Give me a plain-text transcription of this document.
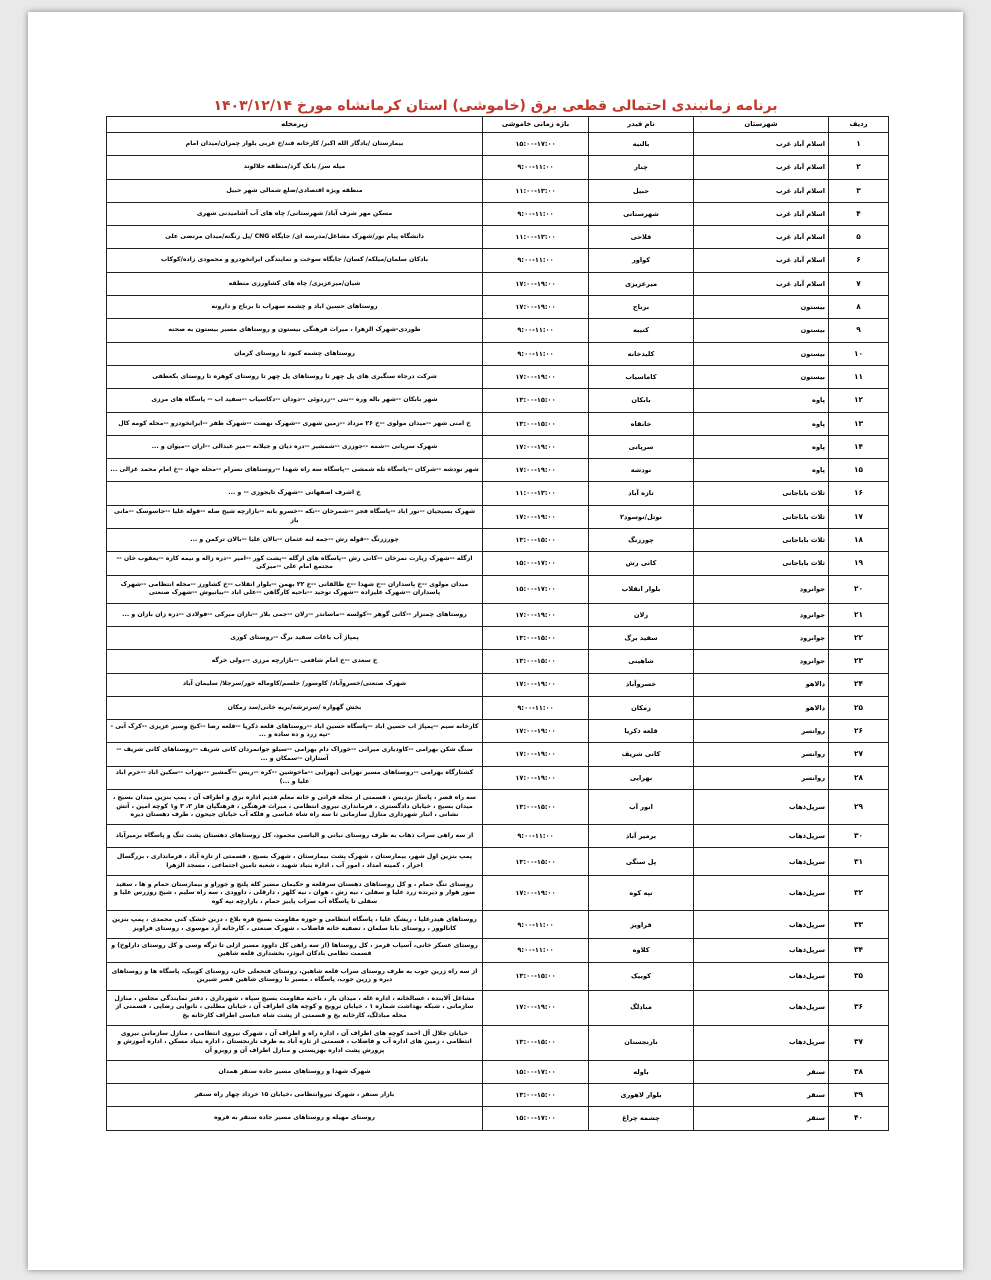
برنامه زمانبندی احتمالی قطعی برق (خاموشی) استان کرمانشاه مورخ ۱۴۰۳/۱۲/۱۴
ردیف	شهرستان	نام فیدر	بازه زمانی خاموشی	زیرمحله
۱	اسلام آباد غرب	بالنیه	۱۵:۰۰-۱۷:۰۰	بیمارستان /یادگار الله اکبر/ کارخانه قند/خ غربی بلوار چمران/میدان امام
۲	اسلام آباد غرب	چنار	۹:۰۰-۱۱:۰۰	میله سر/ بانک گرد/منطقه جلالوند
۳	اسلام آباد غرب	حبیل	۱۱:۰۰-۱۳:۰۰	منطقه ویژه اقتصادی/ضلع شمالی شهر حبیل
۴	اسلام آباد غرب	شهرستانی	۹:۰۰-۱۱:۰۰	مسکن مهر شرف آباد/ شهرستانی/ چاه های آب آشامیدنی شهری
۵	اسلام آباد غرب	فلاحی	۱۱:۰۰-۱۳:۰۰	دانشگاه پیام نور/شهرک مشاغل/مدرسه ای/ جایگاه CNG /پل زنگنه/میدان مرتضی علی
۶	اسلام آباد غرب	کواور	۹:۰۰-۱۱:۰۰	بادکان سلمان/میلکه/ کسان/ جایگاه سوخت و نمایندگی ایرانخودرو و محمودی زاده/کوکاب
۷	اسلام آباد غرب	میرعزیزی	۱۷:۰۰-۱۹:۰۰	شیان/میرعزیزی/ چاه های کشاورزی منطقه
۸	بیستون	برناج	۱۷:۰۰-۱۹:۰۰	روستاهای حسین اباد و چشمه سهراب تا برناج و دارونه
۹	بیستون	کتیبه	۹:۰۰-۱۱:۰۰	طوردی-شهرک الزهرا ، میراث فرهنگی بیستون و روستاهای مسیر بیستون به صحنه
۱۰	بیستون	کلیدخانه	۹:۰۰-۱۱:۰۰	روستاهای چشمه کبود تا روستای کرمان
۱۱	بیستون	کاماسیاب	۱۷:۰۰-۱۹:۰۰	شرکت درجاه سنگبری های پل چهر تا روستاهای پل چهر تا روستای کوهره تا روستای بکعطفی
۱۲	پاوه	بابکان	۱۳:۰۰-۱۵:۰۰	شهر بابکان --شهر باله وره --نتی --زردوئی --دودان --دکاسیاب --سفید اب -- پاسگاه های مرزی
۱۳	پاوه	خانقاه	۱۳:۰۰-۱۵:۰۰	خ امنی شهر --میدان مولوی --خ ۲۶ مرداد --زمین شهری --شهرک نهضت --شهرک ظفر --ایرانخودرو --محله کومه کال
۱۴	پاوه	سرپانی	۱۷:۰۰-۱۹:۰۰	شهرک سرپانی --شمه --جوززی --شمشیر --دره دیان و جیلانه --میر عبدالی --اران --میوان و ...
۱۵	پاوه	نودشه	۱۷:۰۰-۱۹:۰۰	شهر نودشه --شرکان --پاسگاه تله شمشی --پاسگاه سه راه شهدا --روستاهای نسرام --محله جهاد --خ امام محمد غزالی ...
۱۶	ثلاث باباجانی	تازه آباد	۱۱:۰۰-۱۳:۰۰	خ اشرف اصفهانی --شهرک تایجوزی -- و ...
۱۷	ثلاث باباجانی	نوتل/نوسود۲	۱۷:۰۰-۱۹:۰۰	شهرک بسیجیان --نور اباد --پاسگاه فجر --شمرخان --نکه --خسرو بانه --بازارچه شیخ صله --قوله علیا --جاسوسک --مانی باز
۱۸	ثلاث باباجانی	چورزنگ	۱۳:۰۰-۱۵:۰۰	چورزرنگ --قوله رش --جمه لنه عثمان --بالان علیا --بالان ترکمن و ...
۱۹	ثلاث باباجانی	کانی رش	۱۵:۰۰-۱۷:۰۰	ازگله --شهرک زیارت نمرخان --کانی رش --پاسگاه های ازگله --پشت کور --امیر --دره زاله و نیمه کاره --یعقوب خان --مجتمع امام علی --میرکی
۲۰	جوانرود	بلوار انقلاب	۱۵:۰۰-۱۷:۰۰	میدان مولوی --خ پاسداران --خ شهدا --خ طالقانی --خ ۲۲ بهمن --بلوار انقلاب --خ کشاورز --محله انتظامی --شهرک پاسداران --شهرک علیزاده --شهرک توحید --ناحیه کارگاهی --علی اباد --بیانیوش --شهرک صنعتی
۲۱	جوانرود	زلان	۱۷:۰۰-۱۹:۰۰	روستاهای چمنزار --کانی گوهر --کولسه --ماساندر --زلان --جمی بلاز --بازان میرکی --فولادی --دره زان بازان و ...
۲۲	جوانرود	سفید برگ	۱۳:۰۰-۱۵:۰۰	پمپاژ آب باغات سفید برگ --روستای کوری
۲۳	جوانرود	شاهینی	۱۳:۰۰-۱۵:۰۰	خ سعدی --خ امام شافعی --بازارچه مرزی --دولی خرگه
۲۴	دالاهو	خسروآباد	۱۷:۰۰-۱۹:۰۰	شهرک صنعتی/خسروآباد/ کاوسور/ حلسم/کاوماله خور/سرجلا/ سلیمان آباد
۲۵	دالاهو	زمکان	۹:۰۰-۱۱:۰۰	بخش گهواره /سرترشه/بریه خانی/سد زمکان
۲۶	روانسر	قلعه ذکریا	۱۷:۰۰-۱۹:۰۰	کارخانه سیم --پمپاژ اب حسین اباد --پاسگاه حسین اباد --روستاهای قلعه ذکریا --قلعه رضا --کیخ وسیر عزیزی --کرک آبی --تپه زرد و ده ساده و ...
۲۷	روانسر	کانی شریف	۱۷:۰۰-۱۹:۰۰	سنگ شکن بهرامی --کاودیاری میرانی --خوراک دام بهرامی --سیلو جوانمردان کانی شریف --روستاهای کانی شریف --آستاران --سمکان و ...
۲۸	روانسر	نهرایی	۱۷:۰۰-۱۹:۰۰	کشتارگاه بهرامی --روستاهای مسیر نهرایی (نهرایی --ماخوشین --کره --ریس --گمشیر --نهراب --سکین اباد --خرم اباد علیا و ...)
۲۹	سرپل‌ذهاب	انور آب	۱۳:۰۰-۱۵:۰۰	سه راه قصر ، پاساژ بردیس ، قسمتی از محله قرانی و خانه معلم قدیم اداره برق و اطراف آن ، پمپ بنزین میدان بسیج ، میدان بسیج ، خیابان دادگستری ، فرمانداری نیروی انتظامی ، میراث فرهنگی ، فرهنگیان فاز ۲، ۳ و۱ کوچه امین ، آتش نشانی ، انبار شهرداری منازل سازمانی تا سه راه شاه عباسی و فلکه آب خیابان جیحون ، طرف دهستان دیره
۳۰	سرپل‌ذهاب	برمیر آباد	۹:۰۰-۱۱:۰۰	از سه راهی سراب ذهاب به طرف روستای نیانی و الیاسی محمود، کل روستاهای دهستان پشت تنگ و پاسگاه برمیرآباد
۳۱	سرپل‌ذهاب	پل سنگی	۱۳:۰۰-۱۵:۰۰	پمپ بنزین اول شهر، بیمارستان ، شهرک پشت بیمارستان ، شهرک بسیج ، قسمتی از تازه آباد ، فرمانداری ، بزرگسال احرار ، کمیته امداد ، امور آب ، اداره بنیاد شهید ، شعبه تامین اجتماعی ، مسجد الزهرا
۳۲	سرپل‌ذهاب	تپه کوه	۱۷:۰۰-۱۹:۰۰	روستای تنگ حمام ، و کل روستاهای دهستان سرقلعه و حکیمان مسیر کله پلنچ و جوراو و بیمارستان حمام و ها ، سفید سور هوار و دیرنده زرد علیا و سفلی ، نیه زش ، هوان ، نیه کلهر ، دارقلی ، داوودی ، سه راه سلیم ، شیخ روزرس علیا و سفلی تا پاسگاه آب سراب پاییز حمام ، بازارچه تپه کوه
۳۳	سرپل‌ذهاب	فراویز	۹:۰۰-۱۱:۰۰	روستاهای هیدرعلیا ، ریشگ علیا ، پاسگاه انتظامی و حوزه مقاومت بسیج قره بلاغ ، دربن خشک کنی محمدی ، پمپ بنزین کانالوور ، روستای بابا سلمان ، تصفیه خانه فاضلاب ، شهرک صنعتی ، کارخانه آرد موسوی ، روستای فراویز
۳۴	سرپل‌ذهاب	کلاوه	۹:۰۰-۱۱:۰۰	روستای عسکر خانی، آسیاب قرمز ، کل روستاها (از سه راهی کل داوود مسیر ازلی تا ترگه وسی و کل روستای دارلوخ) و قسمت نظامی بادکان ابوذر، بخشداری قلعه شاهین
۳۵	سرپل‌ذهاب	کوبیک	۱۳:۰۰-۱۵:۰۰	از سه راه زرین جوب به طرف روستای سراب قلعه شاهین، روستای فتحعلی خان، روستای کوبیک، پاسگاه ها و روستاهای دیره و زرین جوب، پاسگاه ، مسیر تا روستای شاهین قصر شیرین
۳۶	سرپل‌ذهاب	مبادلگ	۱۷:۰۰-۱۹:۰۰	مشاغل آلاینده ، عسالخانه ، اداره غله ، میدان بار ، ناحیه مقاومت بسیج سپاه ، شهرداری ، دفتر نمایندگی مجلس ، منازل سازمانی ، شبکه بهداشت شماره ۱ ، خیابان ترویج و کوچه های اطراف آن ، خیابان مطلبی ، نانوایی رضایی ، قسمتی از محله مبادلگ، کارخانه یخ و قسمتی از پشت شاه عباسی اطراف کارخانه یخ
۳۷	سرپل‌ذهاب	نارنجستان	۱۳:۰۰-۱۵:۰۰	خیابان جلال آل احمد کوچه های اطراف آن ، اداره راه و اطراف آن ، شهرک نیروی انتظامی ، منازل سازمانی نیروی انتظامی ، زمین های اداره آب و فاضلاب ، قسمتی از تازه آباد به طرف نارنجستان ، اداره بنیاد مسکن ، اداره آموزش و پرورش پشت اداره بهزیستی و منازل اطراف آن و روبرو آن
۳۸	سنقر	باوله	۱۵:۰۰-۱۷:۰۰	شهرک شهدا و روستاهای مسیر جاده سنقر همدان
۳۹	سنقر	بلوار لاهوری	۱۳:۰۰-۱۵:۰۰	بازار سنقر ، شهرک نیروانتظامی ،خیابان ۱۵ خرداد چهار راه سنقر
۴۰	سنقر	چشمه چراغ	۱۵:۰۰-۱۷:۰۰	روستای مهیله و روستاهای مسیر جاده سنقر به قروه
